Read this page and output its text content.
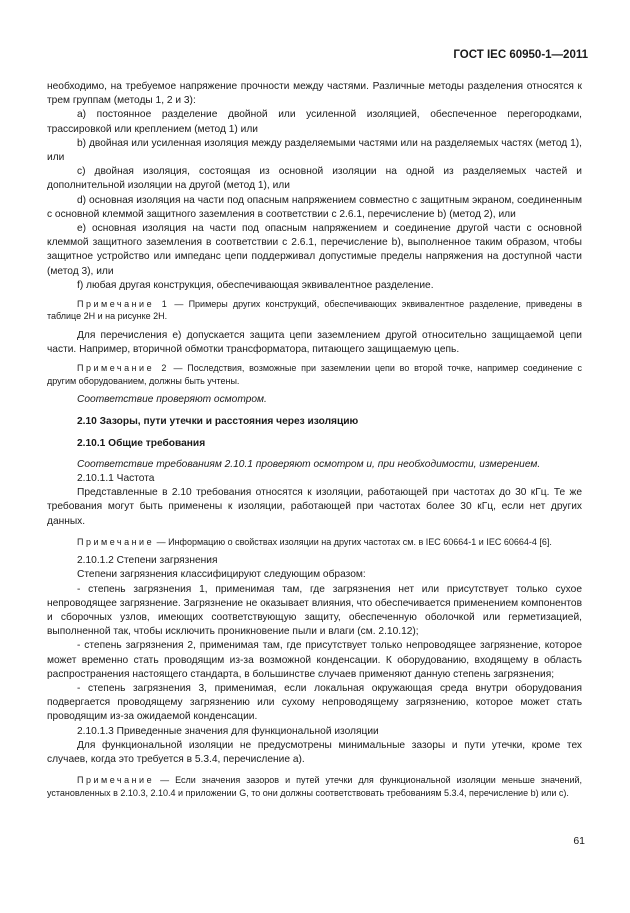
ГОСТ IEC 60950-1—2011

необходимо, на требуемое напряжение прочности между частями. Различные методы разделения относятся к трем группам (методы 1, 2 и 3):

а) постоянное разделение двойной или усиленной изоляцией, обеспеченное перегородками, трассировкой или креплением (метод 1) или

b) двойная или усиленная изоляция между разделяемыми частями или на разделяемых частях (метод 1), или

c) двойная изоляция, состоящая из основной изоляции на одной из разделяемых частей и дополнительной изоляции на другой (метод 1), или

d) основная изоляция на части под опасным напряжением совместно с защитным экраном, соединенным с основной клеммой защитного заземления в соответствии с 2.6.1, перечисление b) (метод 2), или

e) основная изоляция на части под опасным напряжением и соединение другой части с основной клеммой защитного заземления в соответствии с 2.6.1, перечисление b), выполненное таким образом, чтобы защитное устройство или импеданс цепи поддерживал допустимые пределы напряжения на доступной части (метод 3), или

f) любая другая конструкция, обеспечивающая эквивалентное разделение.

Примечание 1 — Примеры других конструкций, обеспечивающих эквивалентное разделение, приведены в таблице 2Н и на рисунке 2Н.

Для перечисления e) допускается защита цепи заземлением другой относительно защищаемой цепи части. Например, вторичной обмотки трансформатора, питающего защищаемую цепь.

Примечание 2 — Последствия, возможные при заземлении цепи во второй точке, например соединение с другим оборудованием, должны быть учтены.

Соответствие проверяют осмотром.

2.10 Зазоры, пути утечки и расстояния через изоляцию

2.10.1 Общие требования

Соответствие требованиям 2.10.1 проверяют осмотром и, при необходимости, измерением.

2.10.1.1 Частота

Представленные в 2.10 требования относятся к изоляции, работающей при частотах до 30 кГц. Те же требования могут быть применены к изоляции, работающей при частотах более 30 кГц, если нет других данных.

Примечание — Информацию о свойствах изоляции на других частотах см. в IEC 60664-1 и IEC 60664-4 [6].

2.10.1.2 Степени загрязнения

Степени загрязнения классифицируют следующим образом:

- степень загрязнения 1, применимая там, где загрязнения нет или присутствует только сухое непроводящее загрязнение. Загрязнение не оказывает влияния, что обеспечивается применением компонентов и сборочных узлов, имеющих соответствующую защиту, обеспеченную оболочкой или герметизацией, выполненной так, чтобы исключить проникновение пыли и влаги (см. 2.10.12);

- степень загрязнения 2, применимая там, где присутствует только непроводящее загрязнение, которое может временно стать проводящим из-за возможной конденсации. К оборудованию, входящему в область распространения настоящего стандарта, в большинстве случаев применяют данную степень загрязнения;

- степень загрязнения 3, применимая, если локальная окружающая среда внутри оборудования подвергается проводящему загрязнению или сухому непроводящему загрязнению, которое может стать проводящим из-за ожидаемой конденсации.

2.10.1.3 Приведенные значения для функциональной изоляции

Для функциональной изоляции не предусмотрены минимальные зазоры и пути утечки, кроме тех случаев, когда это требуется в 5.3.4, перечисление а).

Примечание — Если значения зазоров и путей утечки для функциональной изоляции меньше значений, установленных в 2.10.3, 2.10.4 и приложении G, то они должны соответствовать требованиям 5.3.4, перечисление b) или c).

61
